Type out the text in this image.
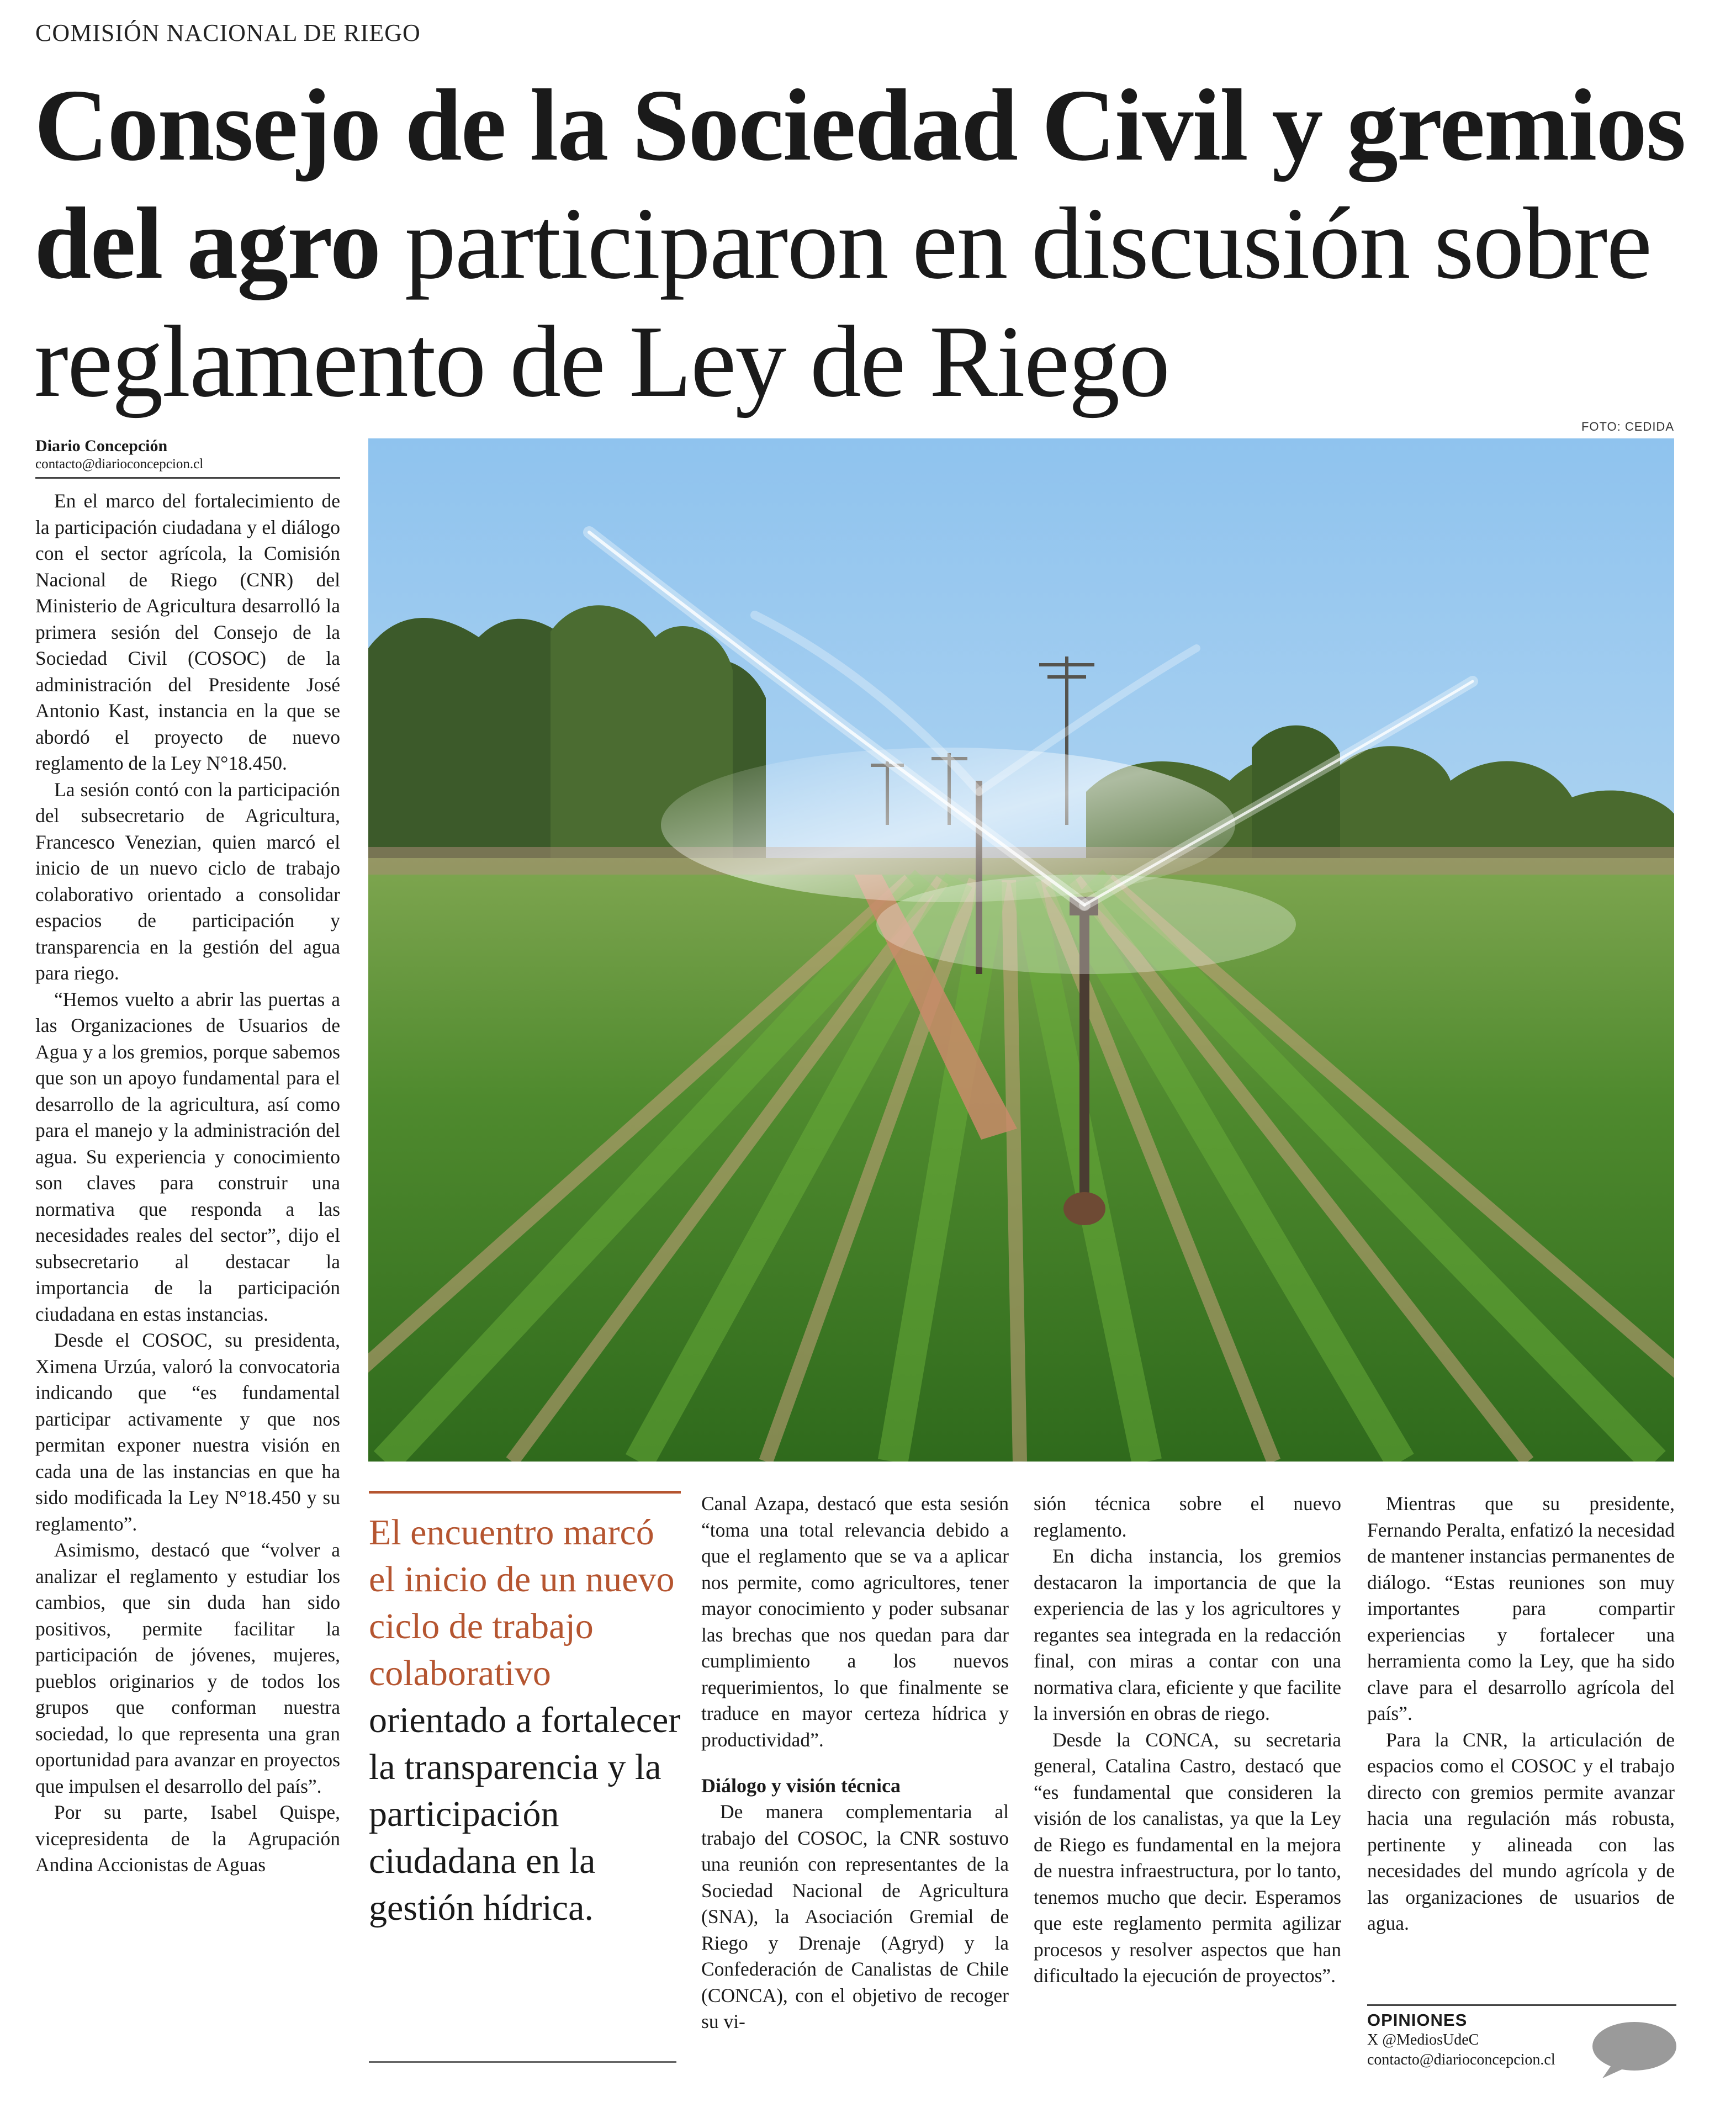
COMISIÓN NACIONAL DE RIEGO
Consejo de la Sociedad Civil y gremios del agro participaron en discusión sobre reglamento de Ley de Riego
Diario Concepción
contacto@diarioconcepcion.cl

En el marco del fortalecimiento de la participación ciudadana y el diálogo con el sector agrícola, la Comisión Nacional de Riego (CNR) del Ministerio de Agricultura desarrolló la primera sesión del Consejo de la Sociedad Civil (COSOC) de la administración del Presidente José Antonio Kast, instancia en la que se abordó el proyecto de nuevo reglamento de la Ley N°18.450.

La sesión contó con la participación del subsecretario de Agricultura, Francesco Venezian, quien marcó el inicio de un nuevo ciclo de trabajo colaborativo orientado a consolidar espacios de participación y transparencia en la gestión del agua para riego.

“Hemos vuelto a abrir las puertas a las Organizaciones de Usuarios de Agua y a los gremios, porque sabemos que son un apoyo fundamental para el desarrollo de la agricultura, así como para el manejo y la administración del agua. Su experiencia y conocimiento son claves para construir una normativa que responda a las necesidades reales del sector”, dijo el subsecretario al destacar la importancia de la participación ciudadana en estas instancias.

Desde el COSOC, su presidenta, Ximena Urzúa, valoró la convocatoria indicando que “es fundamental participar activamente y que nos permitan exponer nuestra visión en cada una de las instancias en que ha sido modificada la Ley N°18.450 y su reglamento”.

Asimismo, destacó que “volver a analizar el reglamento y estudiar los cambios, que sin duda han sido positivos, permite facilitar la participación de jóvenes, mujeres, pueblos originarios y de todos los grupos que conforman nuestra sociedad, lo que representa una gran oportunidad para avanzar en proyectos que impulsen el desarrollo del país”.

Por su parte, Isabel Quispe, vicepresidenta de la Agrupación Andina Accionistas de Aguas

FOTO: CEDIDA
El encuentro marcó el inicio de un nuevo ciclo de trabajo colaborativo orientado a fortalecer la transparencia y la participación ciudadana en la gestión hídrica.

Canal Azapa, destacó que esta sesión “toma una total relevancia debido a que el reglamento que se va a aplicar nos permite, como agricultores, tener mayor conocimiento y poder subsanar las brechas que nos quedan para dar cumplimiento a los nuevos requerimientos, lo que finalmente se traduce en mayor certeza hídrica y productividad”.

Diálogo y visión técnica

De manera complementaria al trabajo del COSOC, la CNR sostuvo una reunión con representantes de la Sociedad Nacional de Agricultura (SNA), la Asociación Gremial de Riego y Drenaje (Agryd) y la Confederación de Canalistas de Chile (CONCA), con el objetivo de recoger su vi-

sión técnica sobre el nuevo reglamento.

En dicha instancia, los gremios destacaron la importancia de que la experiencia de las y los agricultores y regantes sea integrada en la redacción final, con miras a contar con una normativa clara, eficiente y que facilite la inversión en obras de riego.

Desde la CONCA, su secretaria general, Catalina Castro, destacó que “es fundamental que consideren la visión de los canalistas, ya que la Ley de Riego es fundamental en la mejora de nuestra infraestructura, por lo tanto, tenemos mucho que decir. Esperamos que este reglamento permita agilizar procesos y resolver aspectos que han dificultado la ejecución de proyectos”.

Mientras que su presidente, Fernando Peralta, enfatizó la necesidad de mantener instancias permanentes de diálogo. “Estas reuniones son muy importantes para compartir experiencias y fortalecer una herramienta como la Ley, que ha sido clave para el desarrollo agrícola del país”.

Para la CNR, la articulación de espacios como el COSOC y el trabajo directo con gremios permite avanzar hacia una regulación más robusta, pertinente y alineada con las necesidades del mundo agrícola y de las organizaciones de usuarios de agua.

OPINIONES
X @MediosUdeC
contacto@diarioconcepcion.cl
